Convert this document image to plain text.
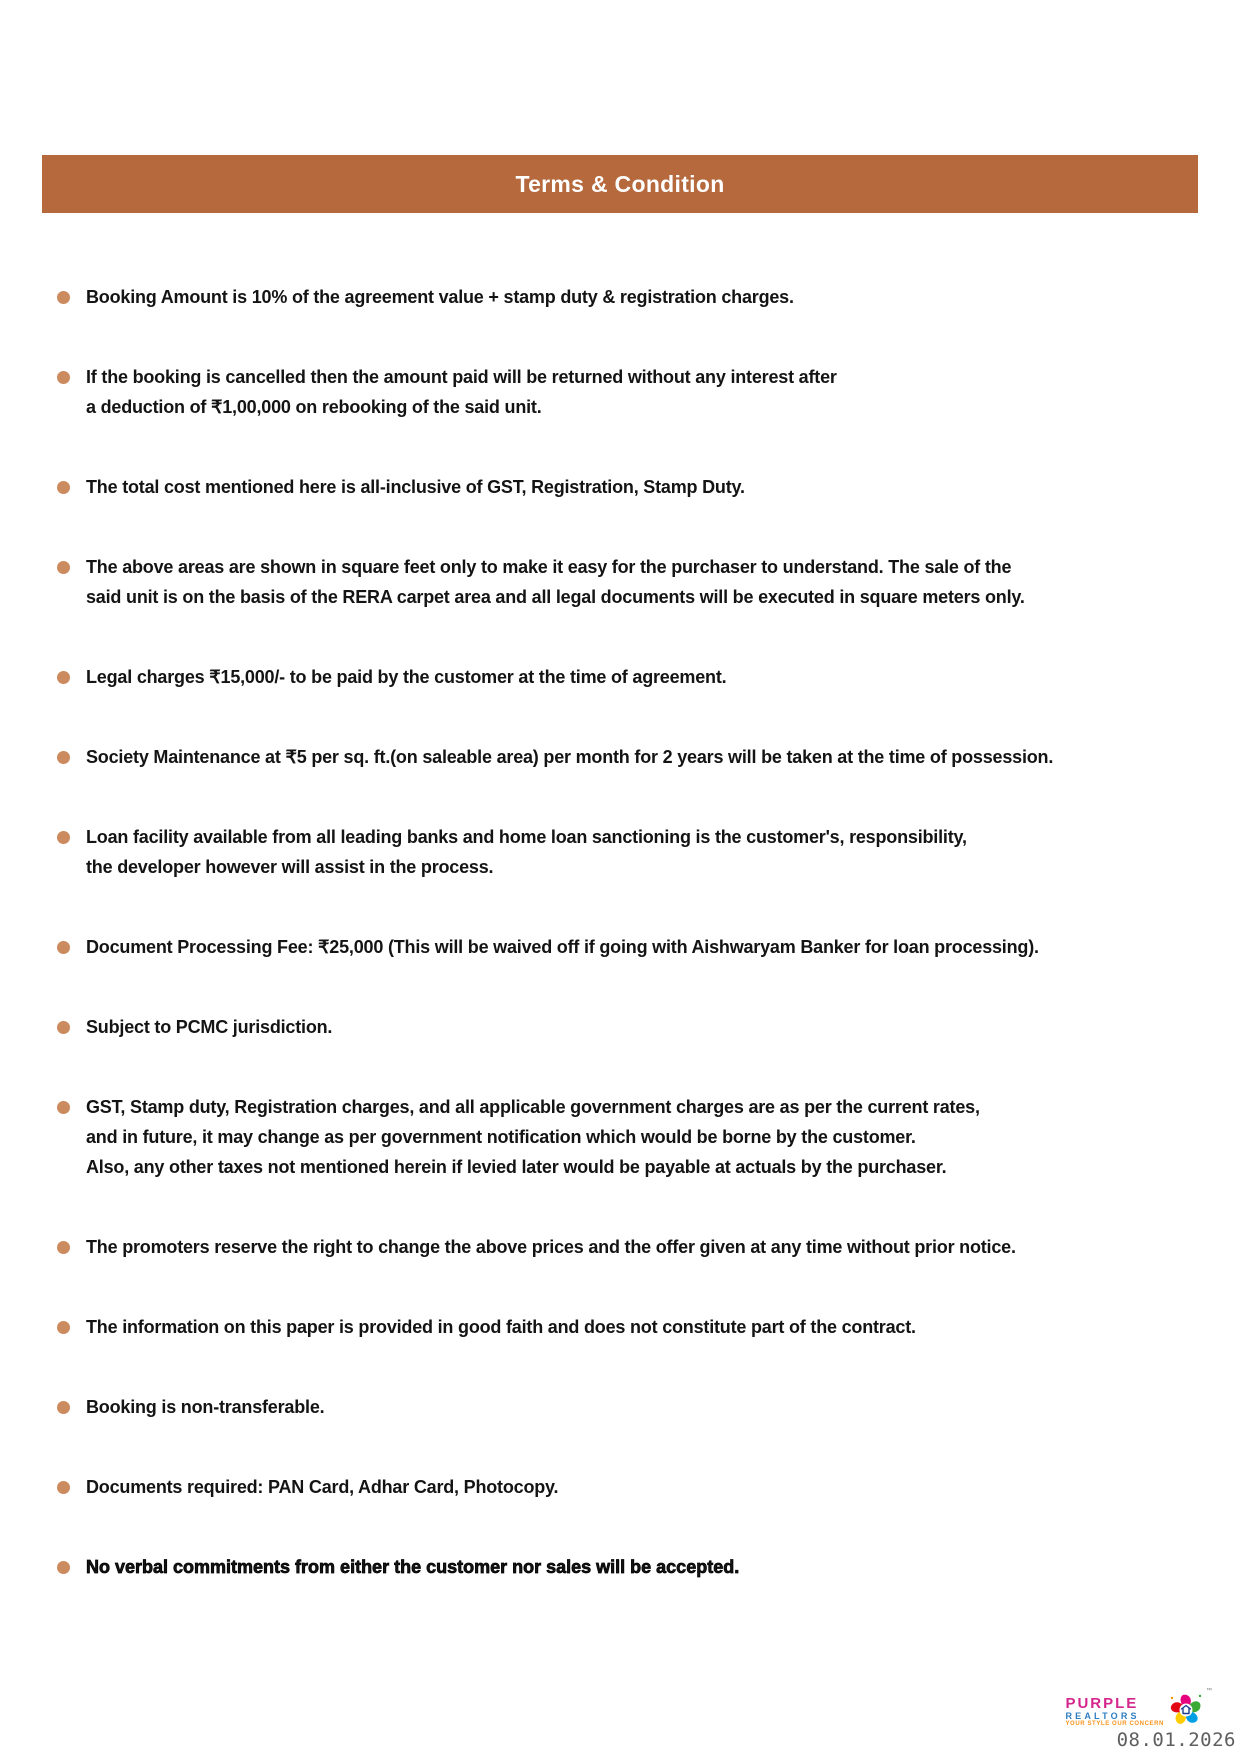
Terms & Condition
Booking Amount is 10% of the agreement value + stamp duty & registration charges.
If the booking is cancelled then the amount paid will be returned without any interest after
a deduction of ₹1,00,000 on rebooking of the said unit.
The total cost mentioned here is all-inclusive of GST, Registration, Stamp Duty.
The above areas are shown in square feet only to make it easy for the purchaser to understand. The sale of the
said unit is on the basis of the RERA carpet area and all legal documents will be executed in square meters only.
Legal charges ₹15,000/- to be paid by the customer at the time of agreement.
Society Maintenance at ₹5 per sq. ft.(on saleable area) per month for 2 years will be taken at the time of possession.
Loan facility available from all leading banks and home loan sanctioning is the customer's, responsibility,
the developer however will assist in the process.
Document Processing Fee: ₹25,000 (This will be waived off if going with Aishwaryam Banker for loan processing).
Subject to PCMC jurisdiction.
GST, Stamp duty, Registration charges, and all applicable government charges are as per the current rates,
and in future, it may change as per government notification which would be borne by the customer.
Also, any other taxes not mentioned herein if levied later would be payable at actuals by the purchaser.
The promoters reserve the right to change the above prices and the offer given at any time without prior notice.
The information on this paper is provided in good faith and does not constitute part of the contract.
Booking is non-transferable.
Documents required: PAN Card, Adhar Card, Photocopy.
No verbal commitments from either the customer nor sales will be accepted.
PURPLE
REALTORS
YOUR STYLE OUR CONCERN
™
08.01.2026
